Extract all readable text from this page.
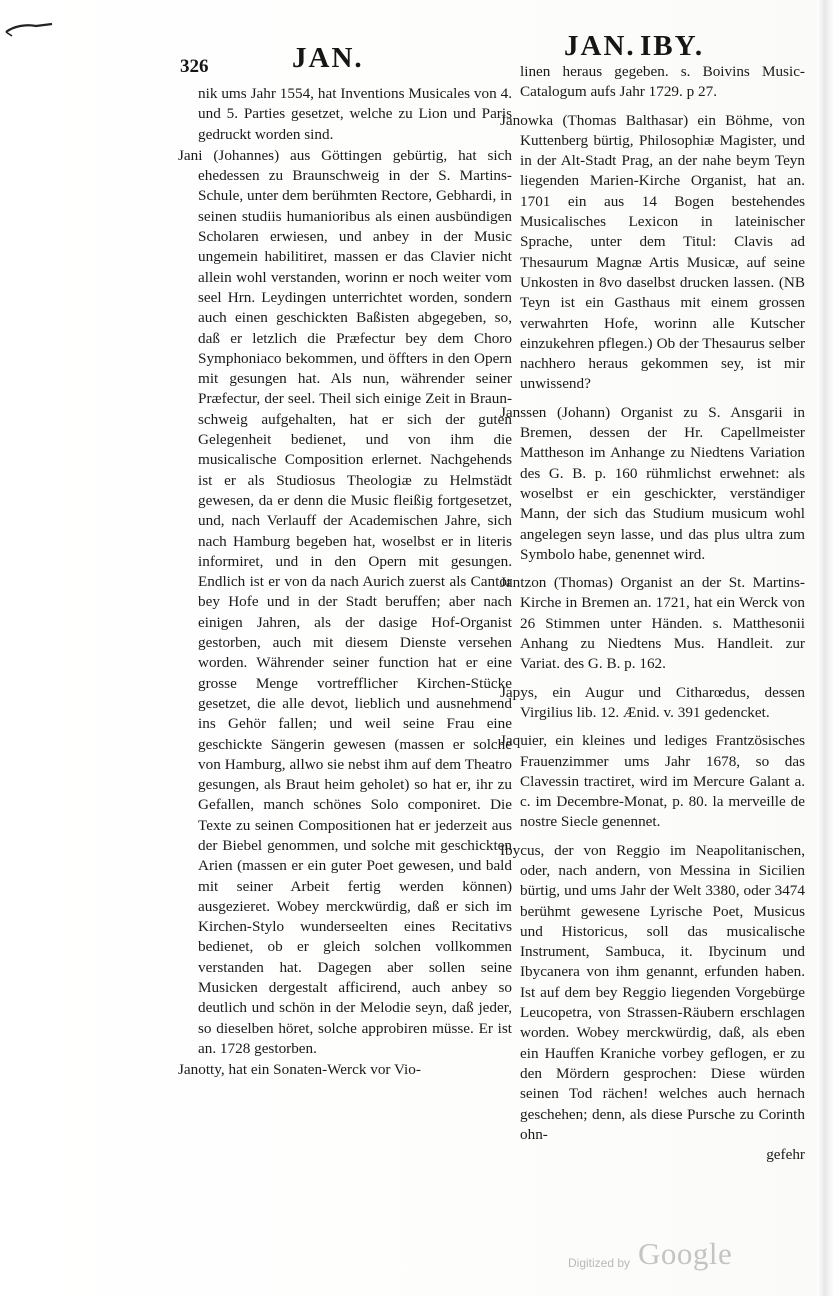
326	JAN.	JAN. IBY.

nik ums Jahr 1554, hat Inventions Musicales von 4. und 5. Parties gesetzet, welche zu Lion und Paris gedruckt worden sind.

Jani (Johannes) aus Göttingen gebürtig, hat sich ehedessen zu Braunschweig in der S. Martins-Schule, unter dem berühmten Rectore, Gebhardi, in seinen studiis humanioribus als einen ausbündigen Scholaren erwiesen, und anbey in der Music ungemein habilitiret, massen er das Clavier nicht allein wohl verstanden, worinn er noch weiter vom seel Hrn. Leydingen unterrichtet worden, sondern auch einen geschickten Baßisten abgegeben, so, daß er letzlich die Præfectur bey dem Choro Symphoniaco bekommen, und öffters in den Opern mit gesungen hat. Als nun, währender seiner Præfectur, der seel. Theil sich einige Zeit in Braunschweig aufgehalten, hat er sich der guten Gelegenheit bedienet, und von ihm die musicalische Composition erlernet. Nachgehends ist er als Studiosus Theologiæ zu Helmstädt gewesen, da er denn die Music fleißig fortgesetzet, und, nach Verlauff der Academischen Jahre, sich nach Hamburg begeben hat, woselbst er in literis informiret, und in den Opern mit gesungen. Endlich ist er von da nach Aurich zuerst als Cantor bey Hofe und in der Stadt beruffen; aber nach einigen Jahren, als der dasige Hof-Organist gestorben, auch mit diesem Dienste versehen worden. Währender seiner function hat er eine grosse Menge vortrefflicher Kirchen-Stücke gesetzet, die alle devot, lieblich und ausnehmend ins Gehör fallen; und weil seine Frau eine geschickte Sängerin gewesen (massen er solche von Hamburg, allwo sie nebst ihm auf dem Theatro gesungen, als Braut heim geholet) so hat er, ihr zu Gefallen, manch schönes Solo componiret. Die Texte zu seinen Compositionen hat er jederzeit aus der Biebel genommen, und solche mit geschickten Arien (massen er ein guter Poet gewesen, und bald mit seiner Arbeit fertig werden können) ausgezieret. Wobey merckwürdig, daß er sich im Kirchen-Stylo wunderseelten eines Recitativs bedienet, ob er gleich solchen vollkommen verstanden hat. Dagegen aber sollen seine Musicken dergestalt afficirend, auch anbey so deutlich und schön in der Melodie seyn, daß jeder, so dieselben höret, solche approbiren müsse. Er ist an. 1728 gestorben.

Janotty, hat ein Sonaten-Werck vor Vio-

linen heraus gegeben. s. Boivins Music-Catalogum aufs Jahr 1729. p 27.

Janowka (Thomas Balthasar) ein Böhme, von Kuttenberg bürtig, Philosophiæ Magister, und in der Alt-Stadt Prag, an der nahe beym Teyn liegenden Marien-Kirche Organist, hat an. 1701 ein aus 14 Bogen bestehendes Musicalisches Lexicon in lateinischer Sprache, unter dem Titul: Clavis ad Thesaurum Magnæ Artis Musicæ, auf seine Unkosten in 8vo daselbst drucken lassen. (NB Teyn ist ein Gasthaus mit einem grossen verwahrten Hofe, worinn alle Kutscher einzukehren pflegen.) Ob der Thesaurus selber nachhero heraus gekommen sey, ist mir unwissend?

Janssen (Johann) Organist zu S. Ansgarii in Bremen, dessen der Hr. Capellmeister Mattheson im Anhange zu Niedtens Variation des G. B. p. 160 rühmlichst erwehnet: als woselbst er ein geschickter, verständiger Mann, der sich das Studium musicum wohl angelegen seyn lasse, und das plus ultra zum Symbolo habe, genennet wird.

Jantzon (Thomas) Organist an der St. Martins-Kirche in Bremen an. 1721, hat ein Werck von 26 Stimmen unter Händen. s. Matthesonii Anhang zu Niedtens Mus. Handleit. zur Variat. des G. B. p. 162.

Japys, ein Augur und Citharœdus, dessen Virgilius lib. 12. Ænid. v. 391 gedencket.

Jaquier, ein kleines und lediges Frantzösisches Frauenzimmer ums Jahr 1678, so das Clavessin tractiret, wird im Mercure Galant a. c. im Decembre-Monat, p. 80. la merveille de nostre Siecle genennet.

Ibycus, der von Reggio im Neapolitanischen, oder, nach andern, von Messina in Sicilien bürtig, und ums Jahr der Welt 3380, oder 3474 berühmt gewesene Lyrische Poet, Musicus und Historicus, soll das musicalische Instrument, Sambuca, it. Ibycinum und Ibycanera von ihm genannt, erfunden haben. Ist auf dem bey Reggio liegenden Vorgebürge Leucopetra, von Strassen-Räubern erschlagen worden. Wobey merckwürdig, daß, als eben ein Hauffen Kraniche vorbey geflogen, er zu den Mördern gesprochen: Diese würden seinen Tod rächen! welches auch hernach geschehen; denn, als diese Pursche zu Corinth ohn-

gefehr

Digitized by Google
